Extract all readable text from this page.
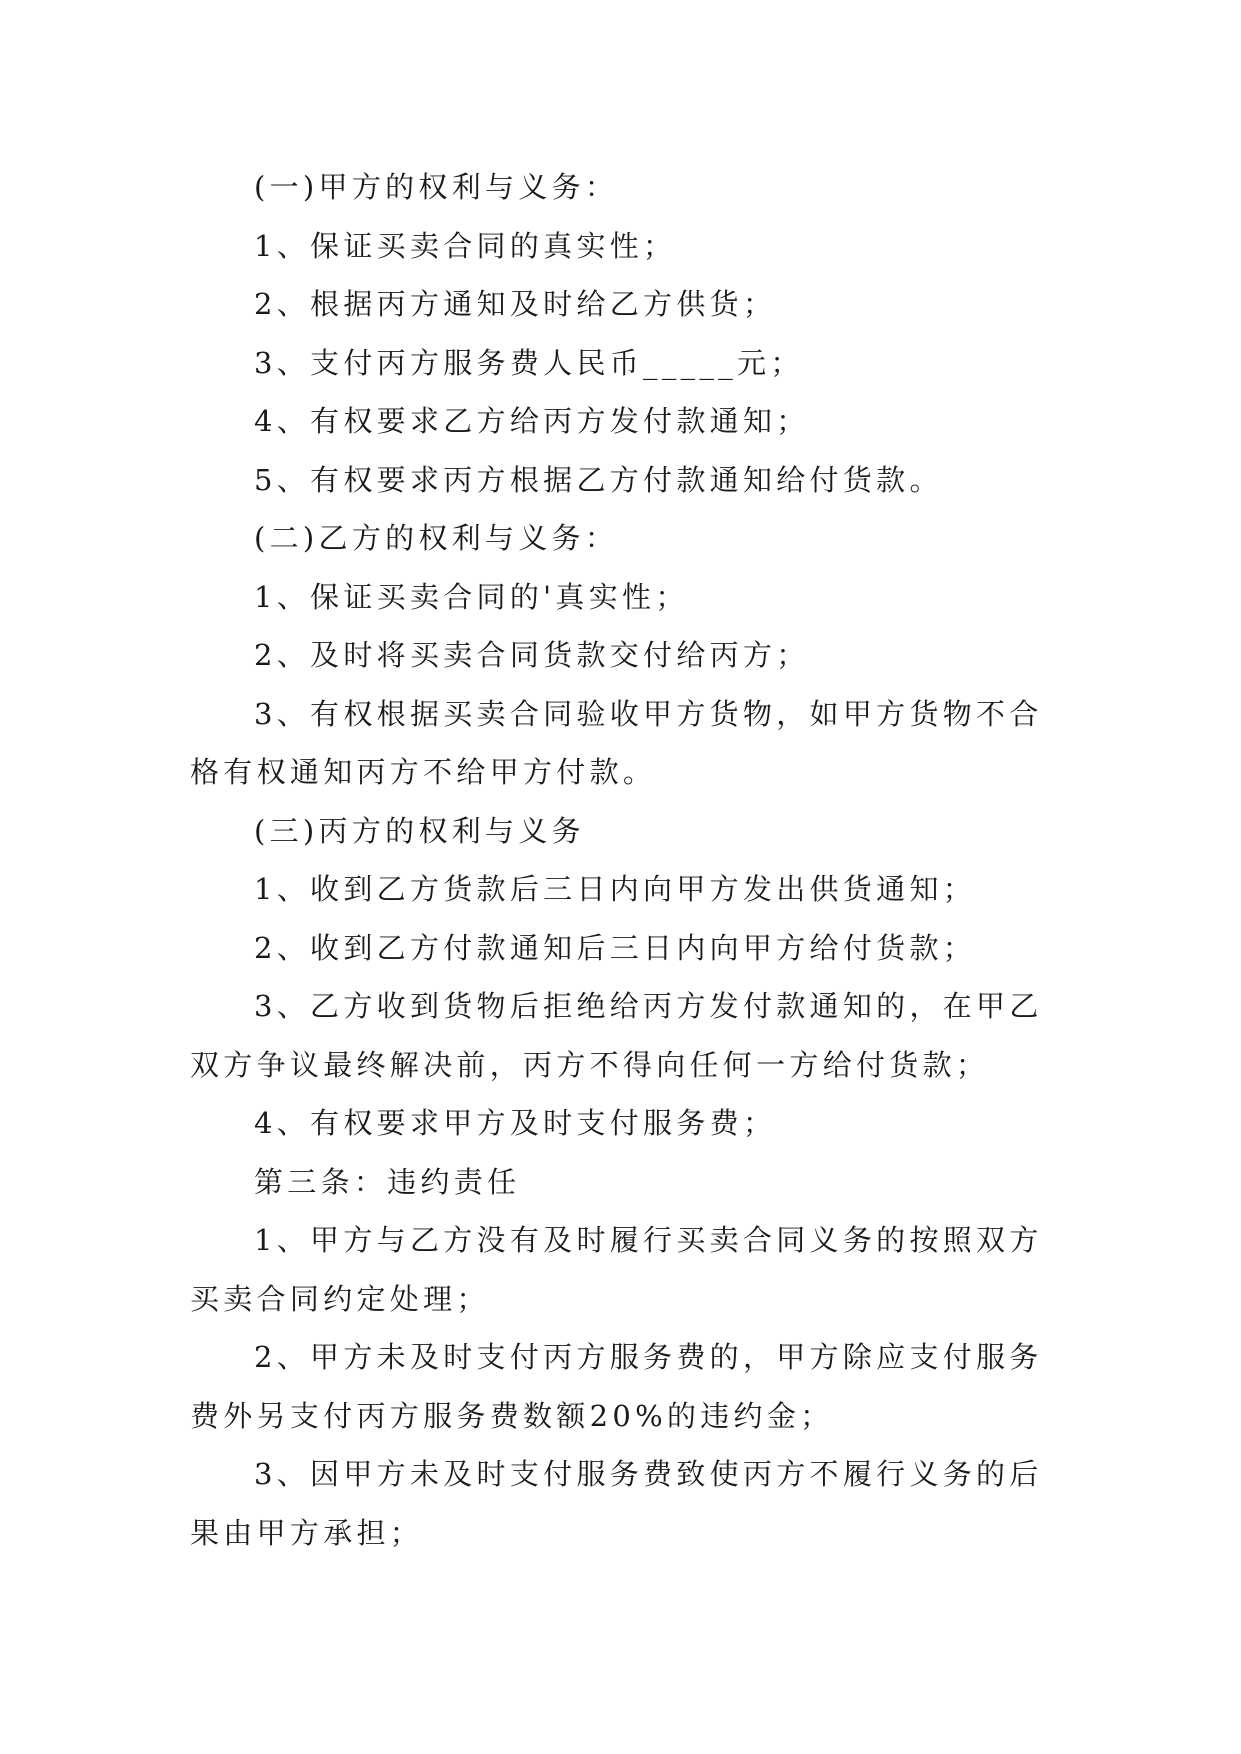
(一)甲方的权利与义务：

1、保证买卖合同的真实性；

2、根据丙方通知及时给乙方供货；

3、支付丙方服务费人民币_____元；

4、有权要求乙方给丙方发付款通知；

5、有权要求丙方根据乙方付款通知给付货款。

(二)乙方的权利与义务：

1、保证买卖合同的'真实性；

2、及时将买卖合同货款交付给丙方；

3、有权根据买卖合同验收甲方货物，如甲方货物不合格有权通知丙方不给甲方付款。

(三)丙方的权利与义务

1、收到乙方货款后三日内向甲方发出供货通知；

2、收到乙方付款通知后三日内向甲方给付货款；

3、乙方收到货物后拒绝给丙方发付款通知的，在甲乙双方争议最终解决前，丙方不得向任何一方给付货款；

4、有权要求甲方及时支付服务费；

第三条：违约责任

1、甲方与乙方没有及时履行买卖合同义务的按照双方买卖合同约定处理；

2、甲方未及时支付丙方服务费的，甲方除应支付服务费外另支付丙方服务费数额20%的违约金；

3、因甲方未及时支付服务费致使丙方不履行义务的后果由甲方承担；
